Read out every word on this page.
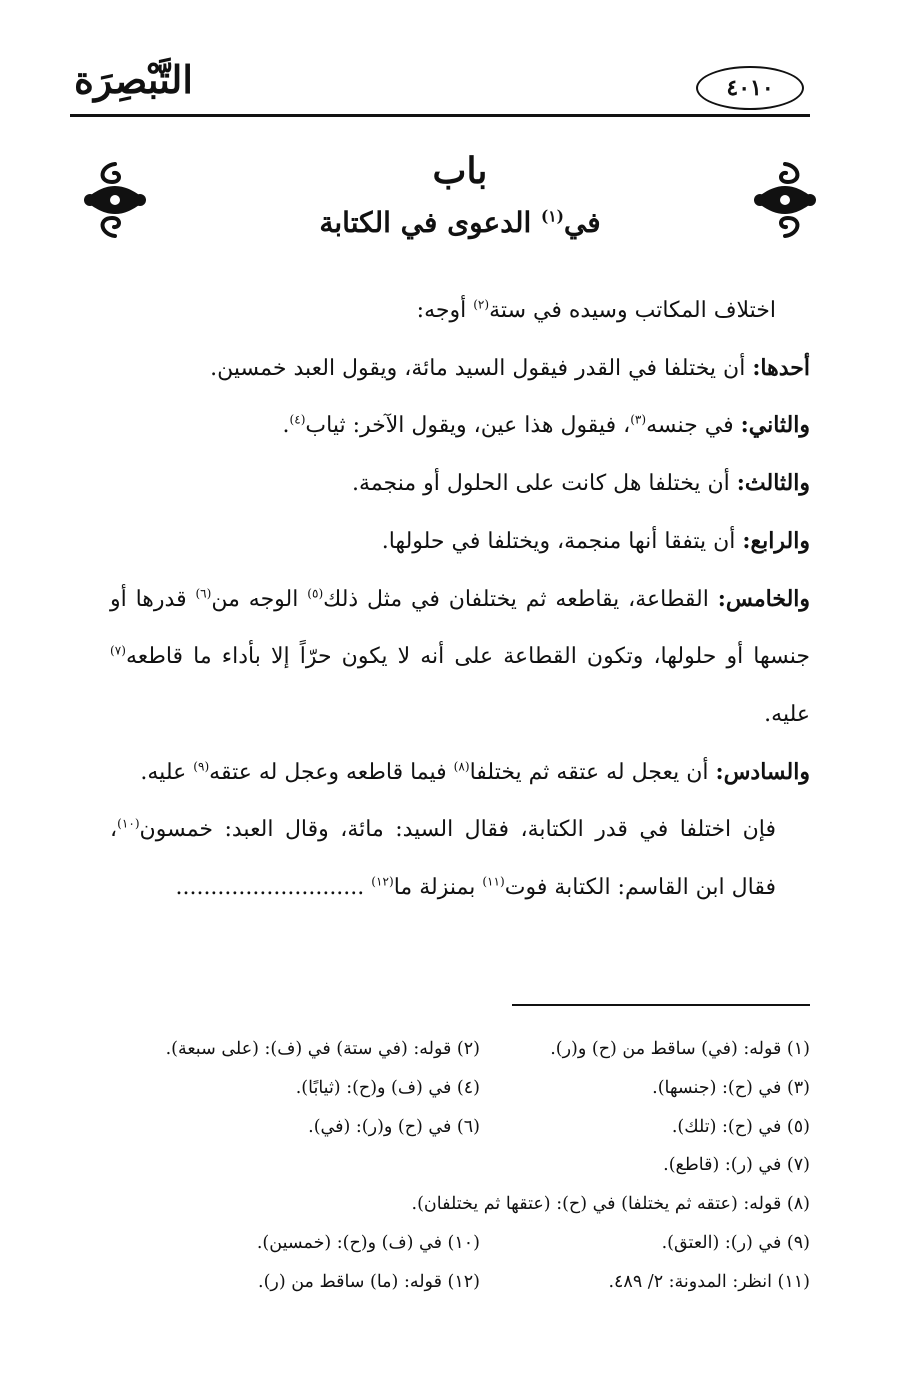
التَّبْصِرَة	٤٠١٠
باب
في$^{(١)}$ الدعوى في الكتابة

اختلاف المكاتب وسيده في ستة$^{(٢)}$ أوجه:

أحدها: أن يختلفا في القدر فيقول السيد مائة، ويقول العبد خمسين.

والثاني: في جنسه$^{(٣)}$، فيقول هذا عين، ويقول الآخر: ثياب$^{(٤)}$.

والثالث: أن يختلفا هل كانت على الحلول أو منجمة.

والرابع: أن يتفقا أنها منجمة، ويختلفا في حلولها.

والخامس: القطاعة، يقاطعه ثم يختلفان في مثل ذلك$^{(٥)}$ الوجه من$^{(٦)}$ قدرها أو جنسها أو حلولها، وتكون القطاعة على أنه لا يكون حرّاً إلا بأداء ما قاطعه$^{(٧)}$ عليه.

والسادس: أن يعجل له عتقه ثم يختلفا$^{(٨)}$ فيما قاطعه وعجل له عتقه$^{(٩)}$ عليه.

فإن اختلفا في قدر الكتابة، فقال السيد: مائة، وقال العبد: خمسون$^{(١٠)}$، فقال ابن القاسم: الكتابة فوت$^{(١١)}$ بمنزلة ما$^{(١٢)}$ ...........................

(١) قوله: (في) ساقط من (ح) و(ر).
(٢) قوله: (في ستة) في (ف): (على سبعة).
(٣) في (ح): (جنسها).
(٤) في (ف) و(ح): (ثيابًا).
(٥) في (ح): (تلك).
(٦) في (ح) و(ر): (في).
(٧) في (ر): (قاطع).
(٨) قوله: (عتقه ثم يختلفا) في (ح): (عتقها ثم يختلفان).
(٩) في (ر): (العتق).
(١٠) في (ف) و(ح): (خمسين).
(١١) انظر: المدونة: ٢/ ٤٨٩.
(١٢) قوله: (ما) ساقط من (ر).
